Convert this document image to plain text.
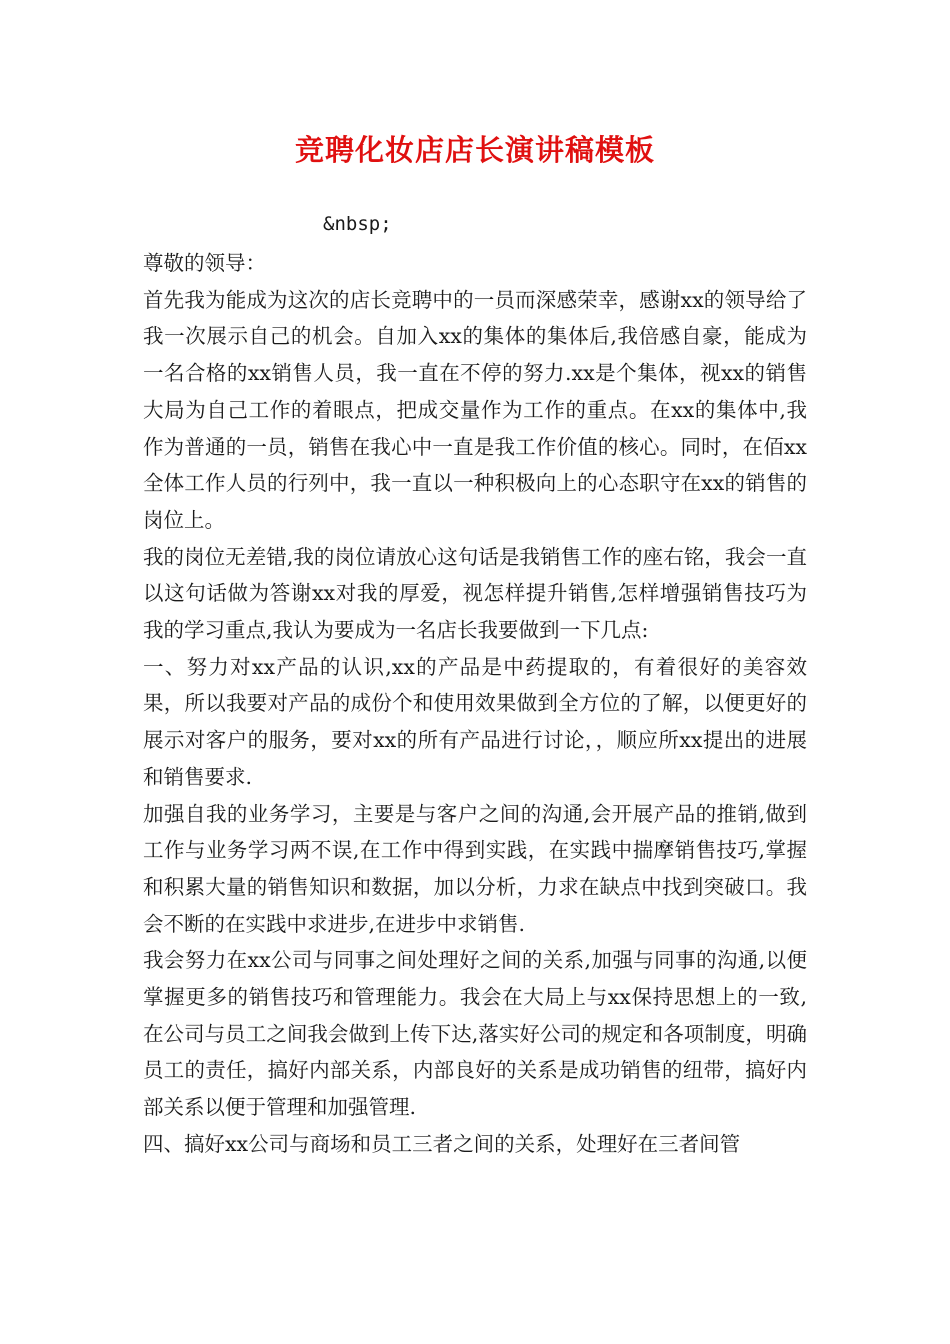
竞聘化妆店店长演讲稿模板
&nbsp;

尊敬的领导：

首先我为能成为这次的店长竞聘中的一员而深感荣幸，感谢xx的领导给了我一次展示自己的机会。自加入xx的集体的集体后,我倍感自豪，能成为一名合格的xx销售人员，我一直在不停的努力.xx是个集体，视xx的销售大局为自己工作的着眼点，把成交量作为工作的重点。在xx的集体中,我作为普通的一员，销售在我心中一直是我工作价值的核心。同时，在佰xx全体工作人员的行列中，我一直以一种积极向上的心态职守在xx的销售的岗位上。

我的岗位无差错,我的岗位请放心这句话是我销售工作的座右铭，我会一直以这句话做为答谢xx对我的厚爱，视怎样提升销售,怎样增强销售技巧为我的学习重点,我认为要成为一名店长我要做到一下几点:

一、努力对xx产品的认识,xx的产品是中药提取的，有着很好的美容效果，所以我要对产品的成份个和使用效果做到全方位的了解，以便更好的展示对客户的服务，要对xx的所有产品进行讨论，，顺应所xx提出的进展和销售要求.

加强自我的业务学习，主要是与客户之间的沟通,会开展产品的推销,做到工作与业务学习两不误,在工作中得到实践，在实践中揣摩销售技巧,掌握和积累大量的销售知识和数据，加以分析，力求在缺点中找到突破口。我会不断的在实践中求进步,在进步中求销售.

我会努力在xx公司与同事之间处理好之间的关系,加强与同事的沟通,以便掌握更多的销售技巧和管理能力。我会在大局上与xx保持思想上的一致,在公司与员工之间我会做到上传下达,落实好公司的规定和各项制度，明确员工的责任，搞好内部关系，内部良好的关系是成功销售的纽带，搞好内部关系以便于管理和加强管理.

四、搞好xx公司与商场和员工三者之间的关系，处理好在三者间管
